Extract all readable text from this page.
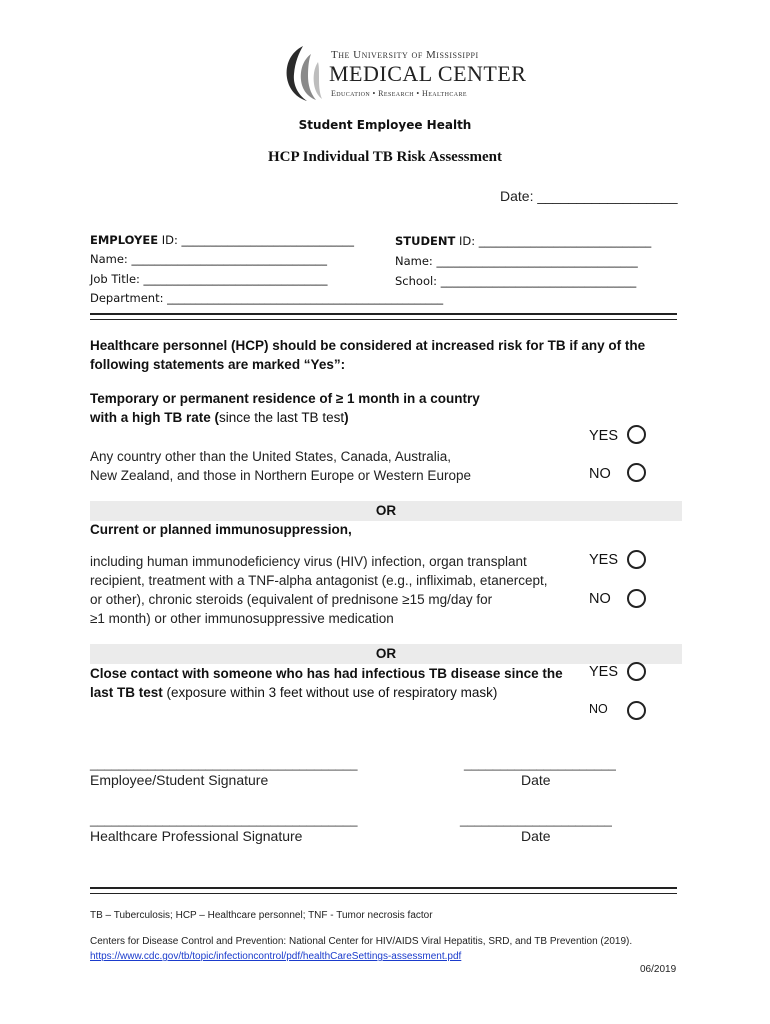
The University of Mississippi
MEDICAL CENTER
Education • Research • Healthcare
Student Employee Health
HCP Individual TB Risk Assessment
Date: __________________
EMPLOYEE ID: ______________________________
Name: __________________________________
Job Title: ________________________________
Department: ________________________________________________
STUDENT ID: ______________________________
Name: ___________________________________
School: __________________________________
Healthcare personnel (HCP) should be considered at increased risk for TB if any of the following statements are marked “Yes”:
Temporary or permanent residence of ≥ 1 month in a country
with a high TB rate (since the last TB test)
YES
Any country other than the United States, Canada, Australia,
New Zealand, and those in Northern Europe or Western Europe	NO
OR
Current or planned immunosuppression,
including human immunodeficiency virus (HIV) infection, organ transplant
recipient, treatment with a TNF-alpha antagonist (e.g., infliximab, etanercept,
or other), chronic steroids (equivalent of prednisone ≥15 mg/day for
≥1 month) or other immunosuppressive medication
YES
NO
OR
Close contact with someone who has had infectious TB disease since the
last TB test (exposure within 3 feet without use of respiratory mask)
YES
NO
_____________________________________	_____________________
Employee/Student Signature	Date
_____________________________________	_____________________
Healthcare Professional Signature	Date
TB – Tuberculosis; HCP – Healthcare personnel; TNF - Tumor necrosis factor
Centers for Disease Control and Prevention: National Center for HIV/AIDS Viral Hepatitis, SRD, and TB Prevention (2019).
https://www.cdc.gov/tb/topic/infectioncontrol/pdf/healthCareSettings-assessment.pdf
06/2019
